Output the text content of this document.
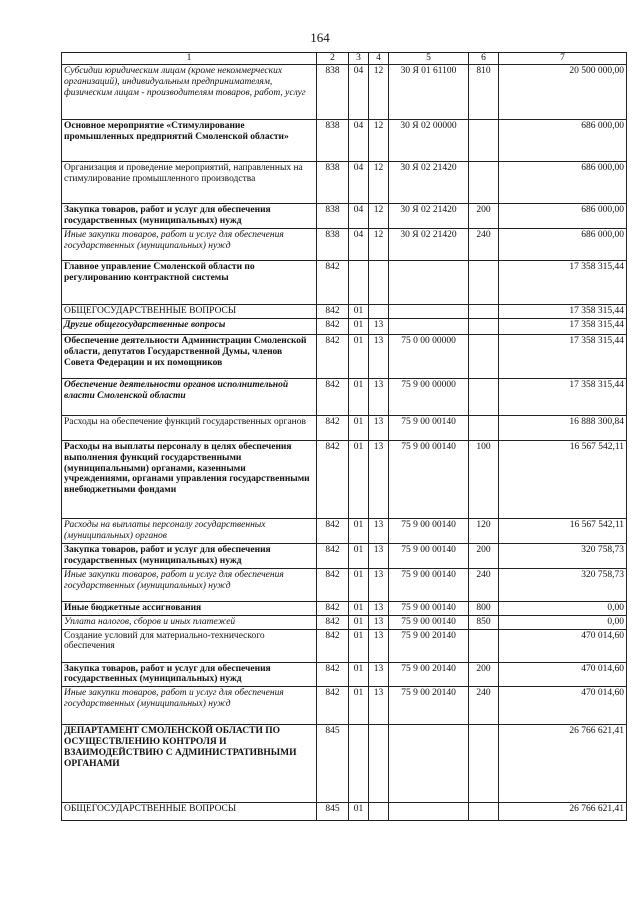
164
1	2	3	4	5	6	7
Субсидии юридическим лицам (кроме некоммерческих организаций), индивидуальным предпринимателям, физическим лицам - производителям товаров, работ, услуг	838	04	12	30 Я 01 61100	810	20 500 000,00
Основное мероприятие «Стимулирование промышленных предприятий Смоленской области»	838	04	12	30 Я 02 00000		686 000,00
Организация и проведение мероприятий, направленных на стимулирование промышленного производства	838	04	12	30 Я 02 21420		686 000,00
Закупка товаров, работ и услуг для обеспечения государственных (муниципальных) нужд	838	04	12	30 Я 02 21420	200	686 000,00
Иные закупки товаров, работ и услуг для обеспечения государственных (муниципальных) нужд	838	04	12	30 Я 02 21420	240	686 000,00
Главное управление Смоленской области по регулированию контрактной системы	842					17 358 315,44
ОБЩЕГОСУДАРСТВЕННЫЕ ВОПРОСЫ	842	01				17 358 315,44
Другие общегосударственные вопросы	842	01	13			17 358 315,44
Обеспечение деятельности Администрации Смоленской области, депутатов Государственной Думы, членов Совета Федерации и их помощников	842	01	13	75 0 00 00000		17 358 315,44
Обеспечение деятельности органов исполнительной власти Смоленской области	842	01	13	75 9 00 00000		17 358 315,44
Расходы на обеспечение функций государственных органов	842	01	13	75 9 00 00140		16 888 300,84
Расходы на выплаты персоналу в целях обеспечения выполнения функций государственными (муниципальными) органами, казенными учреждениями, органами управления государственными внебюджетными фондами	842	01	13	75 9 00 00140	100	16 567 542,11
Расходы на выплаты персоналу государственных (муниципальных) органов	842	01	13	75 9 00 00140	120	16 567 542,11
Закупка товаров, работ и услуг для обеспечения государственных (муниципальных) нужд	842	01	13	75 9 00 00140	200	320 758,73
Иные закупки товаров, работ и услуг для обеспечения государственных (муниципальных) нужд	842	01	13	75 9 00 00140	240	320 758,73
Иные бюджетные ассигнования	842	01	13	75 9 00 00140	800	0,00
Уплата налогов, сборов и иных платежей	842	01	13	75 9 00 00140	850	0,00
Создание условий для материально-технического обеспечения	842	01	13	75 9 00 20140		470 014,60
Закупка товаров, работ и услуг для обеспечения государственных (муниципальных) нужд	842	01	13	75 9 00 20140	200	470 014,60
Иные закупки товаров, работ и услуг для обеспечения государственных (муниципальных) нужд	842	01	13	75 9 00 20140	240	470 014,60
ДЕПАРТАМЕНТ СМОЛЕНСКОЙ ОБЛАСТИ ПО ОСУЩЕСТВЛЕНИЮ КОНТРОЛЯ И ВЗАИМОДЕЙСТВИЮ С АДМИНИСТРАТИВНЫМИ ОРГАНАМИ	845					26 766 621,41
ОБЩЕГОСУДАРСТВЕННЫЕ ВОПРОСЫ	845	01				26 766 621,41
